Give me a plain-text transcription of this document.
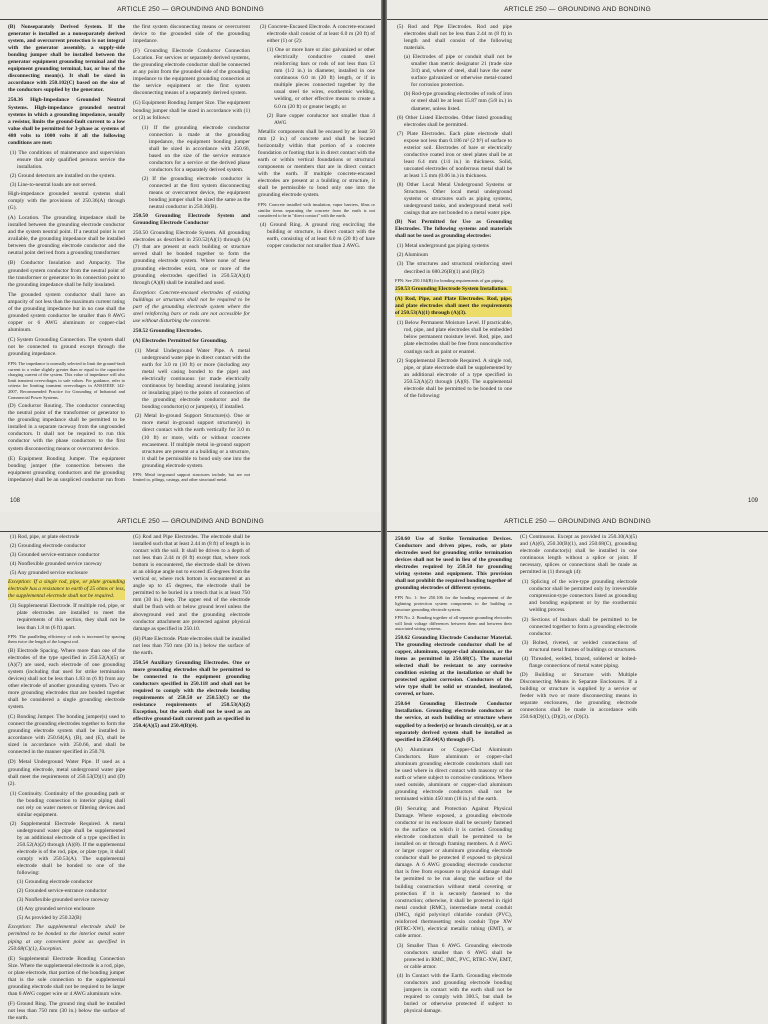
ARTICLE 250 — GROUNDING AND BONDING

(B) Nonseparately Derived System. If the generator is installed as a nonseparately derived system, and overcurrent protection is not integral with the generator assembly, a supply-side bonding jumper shall be installed between the generator equipment grounding terminal and the equipment grounding terminal, bar, or bus of the disconnecting mean(s). It shall be sized in accordance with 250.102(C) based on the size of the conductors supplied by the generator.

250.36 High-Impedance Grounded Neutral Systems. High-impedance grounded neutral systems in which a grounding impedance, usually a resistor, limits the ground-fault current to a low value shall be permitted for 3-phase ac systems of 480 volts to 1000 volts if all the following conditions are met:

(1) The conditions of maintenance and supervision ensure that only qualified persons service the installation.

(2) Ground detectors are installed on the system.

(3) Line-to-neutral loads are not served.

High-impedance grounded neutral systems shall comply with the provisions of 250.36(A) through (G).

(A) Location. The grounding impedance shall be installed between the grounding electrode conductor and the system neutral point. If a neutral point is not available, the grounding impedance shall be installed between the grounding electrode conductor and the neutral point derived from a grounding transformer.

(B) Conductor Insulation and Ampacity. The grounded system conductor from the neutral point of the transformer or generator to its connection point to the grounding impedance shall be fully insulated.

The grounded system conductor shall have an ampacity of not less than the maximum current rating of the grounding impedance but in no case shall the grounded system conductor be smaller than 8 AWG copper or 6 AWG aluminum or copper-clad aluminum.

(C) System Grounding Connection. The system shall not be connected to ground except through the grounding impedance.

FPN: The impedance is normally selected to limit the ground-fault current to a value slightly greater than or equal to the capacitive charging current of the system. This value of impedance will also limit transient overvoltages to safe values. For guidance, refer to criteria for limiting transient overvoltages in ANSI/IEEE 142-2007, Recommended Practice for Grounding of Industrial and Commercial Power Systems.

(D) Conductor Routing. The conductor connecting the neutral point of the transformer or generator to the grounding impedance shall be permitted to be installed in a separate raceway from the ungrounded conductors. It shall not be required to run this conductor with the phase conductors to the first system disconnecting means or overcurrent device.

(E) Equipment Bonding Jumper. The equipment bonding jumper (the connection between the equipment grounding conductors and the grounding impedance) shall be an unspliced conductor run from the first system disconnecting means or overcurrent device to the grounded side of the grounding impedance.

(F) Grounding Electrode Conductor Connection Location. For services or separately derived systems, the grounding electrode conductor shall be connected at any point from the grounded side of the grounding impedance to the equipment grounding connection at the service equipment or the first system disconnecting means of a separately derived system.

(G) Equipment Bonding Jumper Size. The equipment bonding jumper shall be sized in accordance with (1) or (2) as follows:

(1) If the grounding electrode conductor connection is made at the grounding impedance, the equipment bonding jumper shall be sized in accordance with 250.66, based on the size of the service entrance conductors for a service or the derived phase conductors for a separately derived system.

(2) If the grounding electrode conductor is connected at the first system disconnecting means or overcurrent device, the equipment bonding jumper shall be sized the same as the neutral conductor in 250.36(B).

250.50 Grounding Electrode System and Grounding Electrode Conductor

250.50 Grounding Electrode System. All grounding electrodes as described in 250.52(A)(1) through (A)(7) that are present at each building or structure served shall be bonded together to form the grounding electrode system. Where none of these grounding electrodes exist, one or more of the grounding electrodes specified in 250.52(A)(4) through (A)(8) shall be installed and used.

Exception: Concrete-encased electrodes of existing buildings or structures shall not be required to be part of the grounding electrode system where the steel reinforcing bars or rods are not accessible for use without disturbing the concrete.

250.52 Grounding Electrodes.

(A) Electrodes Permitted for Grounding.

(1) Metal Underground Water Pipe. A metal underground water pipe in direct contact with the earth for 3.0 m (10 ft) or more (including any metal well casing bonded to the pipe) and electrically continuous (or made electrically continuous by bonding around insulating joints or insulating pipe) to the points of connection of the grounding electrode conductor and the bonding conductor(s) or jumper(s), if installed.

(2) Metal In-ground Support Structure(s). One or more metal in-ground support structure(s) in direct contact with the earth vertically for 3.0 m (10 ft) or more, with or without concrete encasement. If multiple metal in-ground support structures are present at a building or a structure, it shall be permissible to bond only one into the grounding electrode system.

FPN: Metal in-ground support structures include, but are not limited to, pilings, casings, and other structural metal.

(3) Concrete-Encased Electrode. A concrete-encased electrode shall consist of at least 6.0 m (20 ft) of either (1) or (2):

(1) One or more bare or zinc galvanized or other electrically conductive coated steel reinforcing bars or rods of not less than 13 mm (1/2 in.) in diameter, installed in one continuous 6.0 m (20 ft) length, or if in multiple pieces connected together by the usual steel tie wires, exothermic welding, welding, or other effective means to create a 6.0 m (20 ft) or greater length; or

(2) Bare copper conductor not smaller than 4 AWG

Metallic components shall be encased by at least 50 mm (2 in.) of concrete and shall be located horizontally within that portion of a concrete foundation or footing that is in direct contact with the earth or within vertical foundations or structural components or members that are in direct contact with the earth. If multiple concrete-encased electrodes are present at a building or structure, it shall be permissible to bond only one into the grounding electrode system.

FPN: Concrete installed with insulation, vapor barriers, films or similar items separating the concrete from the earth is not considered to be in "direct contact" with the earth.

(4) Ground Ring. A ground ring encircling the building or structure, in direct contact with the earth, consisting of at least 6.0 m (20 ft) of bare copper conductor not smaller than 2 AWG.

108
ARTICLE 250 — GROUNDING AND BONDING

(5) Rod and Pipe Electrodes. Rod and pipe electrodes shall not be less than 2.44 m (8 ft) in length and shall consist of the following materials.

(a) Electrodes of pipe or conduit shall not be smaller than metric designator 21 (trade size 3/4) and, where of steel, shall have the outer surface galvanized or otherwise metal-coated for corrosion protection.

(b) Rod-type grounding electrodes of rods of iron or steel shall be at least 15.87 mm (5/8 in.) in diameter, unless listed.

(6) Other Listed Electrodes. Other listed grounding electrodes shall be permitted.

(7) Plate Electrodes. Each plate electrode shall expose not less than 0.186 m² (2 ft²) of surface to exterior soil. Electrodes of bare or electrically conductive coated iron or steel plates shall be at least 6.4 mm (1/4 in.) in thickness. Solid, uncoated electrodes of nonferrous metal shall be at least 1.5 mm (0.06 in.) in thickness.

(8) Other Local Metal Underground Systems or Structures. Other local metal underground systems or structures such as piping systems, underground tanks, and underground metal well casings that are not bonded to a metal water pipe.

(B) Not Permitted for Use as Grounding Electrodes. The following systems and materials shall not be used as grounding electrodes:

(1) Metal underground gas piping systems

(2) Aluminum

(3) The structures and structural reinforcing steel described in 680.26(B)(1) and (B)(2)

FPN: See 250.104(B) for bonding requirements of gas piping.

250.53 Grounding Electrode System Installation.

(A) Rod, Pipe, and Plate Electrodes. Rod, pipe, and plate electrodes shall meet the requirements of 250.53(A)(1) through (A)(3).

(1) Below Permanent Moisture Level. If practicable, rod, pipe, and plate electrodes shall be embedded below permanent moisture level. Rod, pipe, and plate electrodes shall be free from nonconductive coatings such as paint or enamel.

(2) Supplemental Electrode Required. A single rod, pipe, or plate electrode shall be supplemented by an additional electrode of a type specified in 250.52(A)(2) through (A)(8). The supplemental electrode shall be permitted to be bonded to one of the following:

109
ARTICLE 250 — GROUNDING AND BONDING

(1) Rod, pipe, or plate electrode

(2) Grounding electrode conductor

(3) Grounded service-entrance conductor

(4) Nonflexible grounded service raceway

(5) Any grounded service enclosure

Exception: If a single rod, pipe, or plate grounding electrode has a resistance to earth of 25 ohms or less, the supplemental electrode shall not be required.

(3) Supplemental Electrode. If multiple rod, pipe, or plate electrodes are installed to meet the requirements of this section, they shall not be less than 1.8 m (6 ft) apart.

FPN: The paralleling efficiency of rods is increased by spacing them twice the length of the longest rod.

(B) Electrode Spacing. Where more than one of the electrodes of the type specified in 250.52(A)(5) or (A)(7) are used, each electrode of one grounding system (including that used for strike termination devices) shall not be less than 1.83 m (6 ft) from any other electrode of another grounding system. Two or more grounding electrodes that are bonded together shall be considered a single grounding electrode system.

(C) Bonding Jumper. The bonding jumper(s) used to connect the grounding electrodes together to form the grounding electrode system shall be installed in accordance with 250.64(A), (B), and (E), shall be sized in accordance with 250.66, and shall be connected in the manner specified in 250.70.

(D) Metal Underground Water Pipe. If used as a grounding electrode, metal underground water pipe shall meet the requirements of 250.53(D)(1) and (D)(2).

(1) Continuity. Continuity of the grounding path or the bonding connection to interior piping shall not rely on water meters or filtering devices and similar equipment.

(2) Supplemental Electrode Required. A metal underground water pipe shall be supplemented by an additional electrode of a type specified in 250.52(A)(2) through (A)(8). If the supplemental electrode is of the rod, pipe, or plate type, it shall comply with 250.53(A). The supplemental electrode shall be bonded to one of the following:

(1) Grounding electrode conductor

(2) Grounded service-entrance conductor

(3) Nonflexible grounded service raceway

(4) Any grounded service enclosure

(5) As provided by 250.32(B)

Exception: The supplemental electrode shall be permitted to be bonded to the interior metal water piping at any convenient point as specified in 250.68(C)(1), Exception.

(E) Supplemental Electrode Bonding Connection Size. Where the supplemental electrode is a rod, pipe, or plate electrode, that portion of the bonding jumper that is the sole connection to the supplemental grounding electrode shall not be required to be larger than 6 AWG copper wire or 4 AWG aluminum wire.

(F) Ground Ring. The ground ring shall be installed not less than 750 mm (30 in.) below the surface of the earth.

(G) Rod and Pipe Electrodes. The electrode shall be installed such that at least 2.44 m (8 ft) of length is in contact with the soil. It shall be driven to a depth of not less than 2.44 m (8 ft) except that, where rock bottom is encountered, the electrode shall be driven at an oblique angle not to exceed 45 degrees from the vertical or, where rock bottom is encountered at an angle up to 45 degrees, the electrode shall be permitted to be buried in a trench that is at least 750 mm (30 in.) deep. The upper end of the electrode shall be flush with or below ground level unless the aboveground end and the grounding electrode conductor attachment are protected against physical damage as specified in 250.10.

(H) Plate Electrode. Plate electrodes shall be installed not less than 750 mm (30 in.) below the surface of the earth.

250.54 Auxiliary Grounding Electrodes. One or more grounding electrodes shall be permitted to be connected to the equipment grounding conductors specified in 250.118 and shall not be required to comply with the electrode bonding requirements of 250.50 or 250.53(C) or the resistance requirements of 250.53(A)(2) Exception, but the earth shall not be used as an effective ground-fault current path as specified in 250.4(A)(5) and 250.4(B)(4).

ARTICLE 250 — GROUNDING AND BONDING

250.60 Use of Strike Termination Devices. Conductors and driven pipes, rods, or plate electrodes used for grounding strike termination devices shall not be used in lieu of the grounding electrodes required by 250.50 for grounding wiring systems and equipment. This provision shall not prohibit the required bonding together of grounding electrodes of different systems.

FPN No. 1: See 250.106 for the bonding requirement of the lightning protection system components to the building or structure grounding electrode system.

FPN No. 2: Bonding together of all separate grounding electrodes will limit voltage differences between them and between their associated wiring systems.

250.62 Grounding Electrode Conductor Material. The grounding electrode conductor shall be of copper, aluminum, copper-clad aluminum, or the items as permitted in 250.68(C). The material selected shall be resistant to any corrosive condition existing at the installation or shall be protected against corrosion. Conductors of the wire type shall be solid or stranded, insulated, covered, or bare.

250.64 Grounding Electrode Conductor Installation. Grounding electrode conductors at the service, at each building or structure where supplied by a feeder(s) or branch circuit(s), or at a separately derived system shall be installed as specified in 250.64(A) through (F).

(A) Aluminum or Copper-Clad Aluminum Conductors. Bare aluminum or copper-clad aluminum grounding electrode conductors shall not be used where in direct contact with masonry or the earth or where subject to corrosive conditions. Where used outside, aluminum or copper-clad aluminum grounding electrode conductors shall not be terminated within 450 mm (18 in.) of the earth.

(B) Securing and Protection Against Physical Damage. Where exposed, a grounding electrode conductor or its enclosure shall be securely fastened to the surface on which it is carried. Grounding electrode conductors shall be permitted to be installed on or through framing members. A 4 AWG or larger copper or aluminum grounding electrode conductor shall be protected if exposed to physical damage. A 6 AWG grounding electrode conductor that is free from exposure to physical damage shall be permitted to be run along the surface of the building construction without metal covering or protection if it is securely fastened to the construction; otherwise, it shall be protected in rigid metal conduit (RMC), intermediate metal conduit (IMC), rigid polyvinyl chloride conduit (PVC), reinforced thermosetting resin conduit Type XW (RTRC-XW), electrical metallic tubing (EMT), or cable armor.

(3) Smaller Than 6 AWG. Grounding electrode conductors smaller than 6 AWG shall be protected in RMC, IMC, PVC, RTRC-XW, EMT, or cable armor.

(4) In Contact with the Earth. Grounding electrode conductors and grounding electrode bonding jumpers in contact with the earth shall not be required to comply with 300.5, but shall be buried or otherwise protected if subject to physical damage.

(C) Continuous. Except as provided in 250.30(A)(5) and (A)(6), 250.30(B)(1), and 250.68(C), grounding electrode conductor(s) shall be installed in one continuous length without a splice or joint. If necessary, splices or connections shall be made as permitted in (1) through (4):

(1) Splicing of the wire-type grounding electrode conductor shall be permitted only by irreversible compression-type connectors listed as grounding and bonding equipment or by the exothermic welding process.

(2) Sections of busbars shall be permitted to be connected together to form a grounding electrode conductor.

(3) Bolted, riveted, or welded connections of structural metal frames of buildings or structures.

(4) Threaded, welded, brazed, soldered or bolted-flange connections of metal water piping.

(D) Building or Structure with Multiple Disconnecting Means in Separate Enclosures. If a building or structure is supplied by a service or feeder with two or more disconnecting means in separate enclosures, the grounding electrode connections shall be made in accordance with 250.64(D)(1), (D)(2), or (D)(3).
